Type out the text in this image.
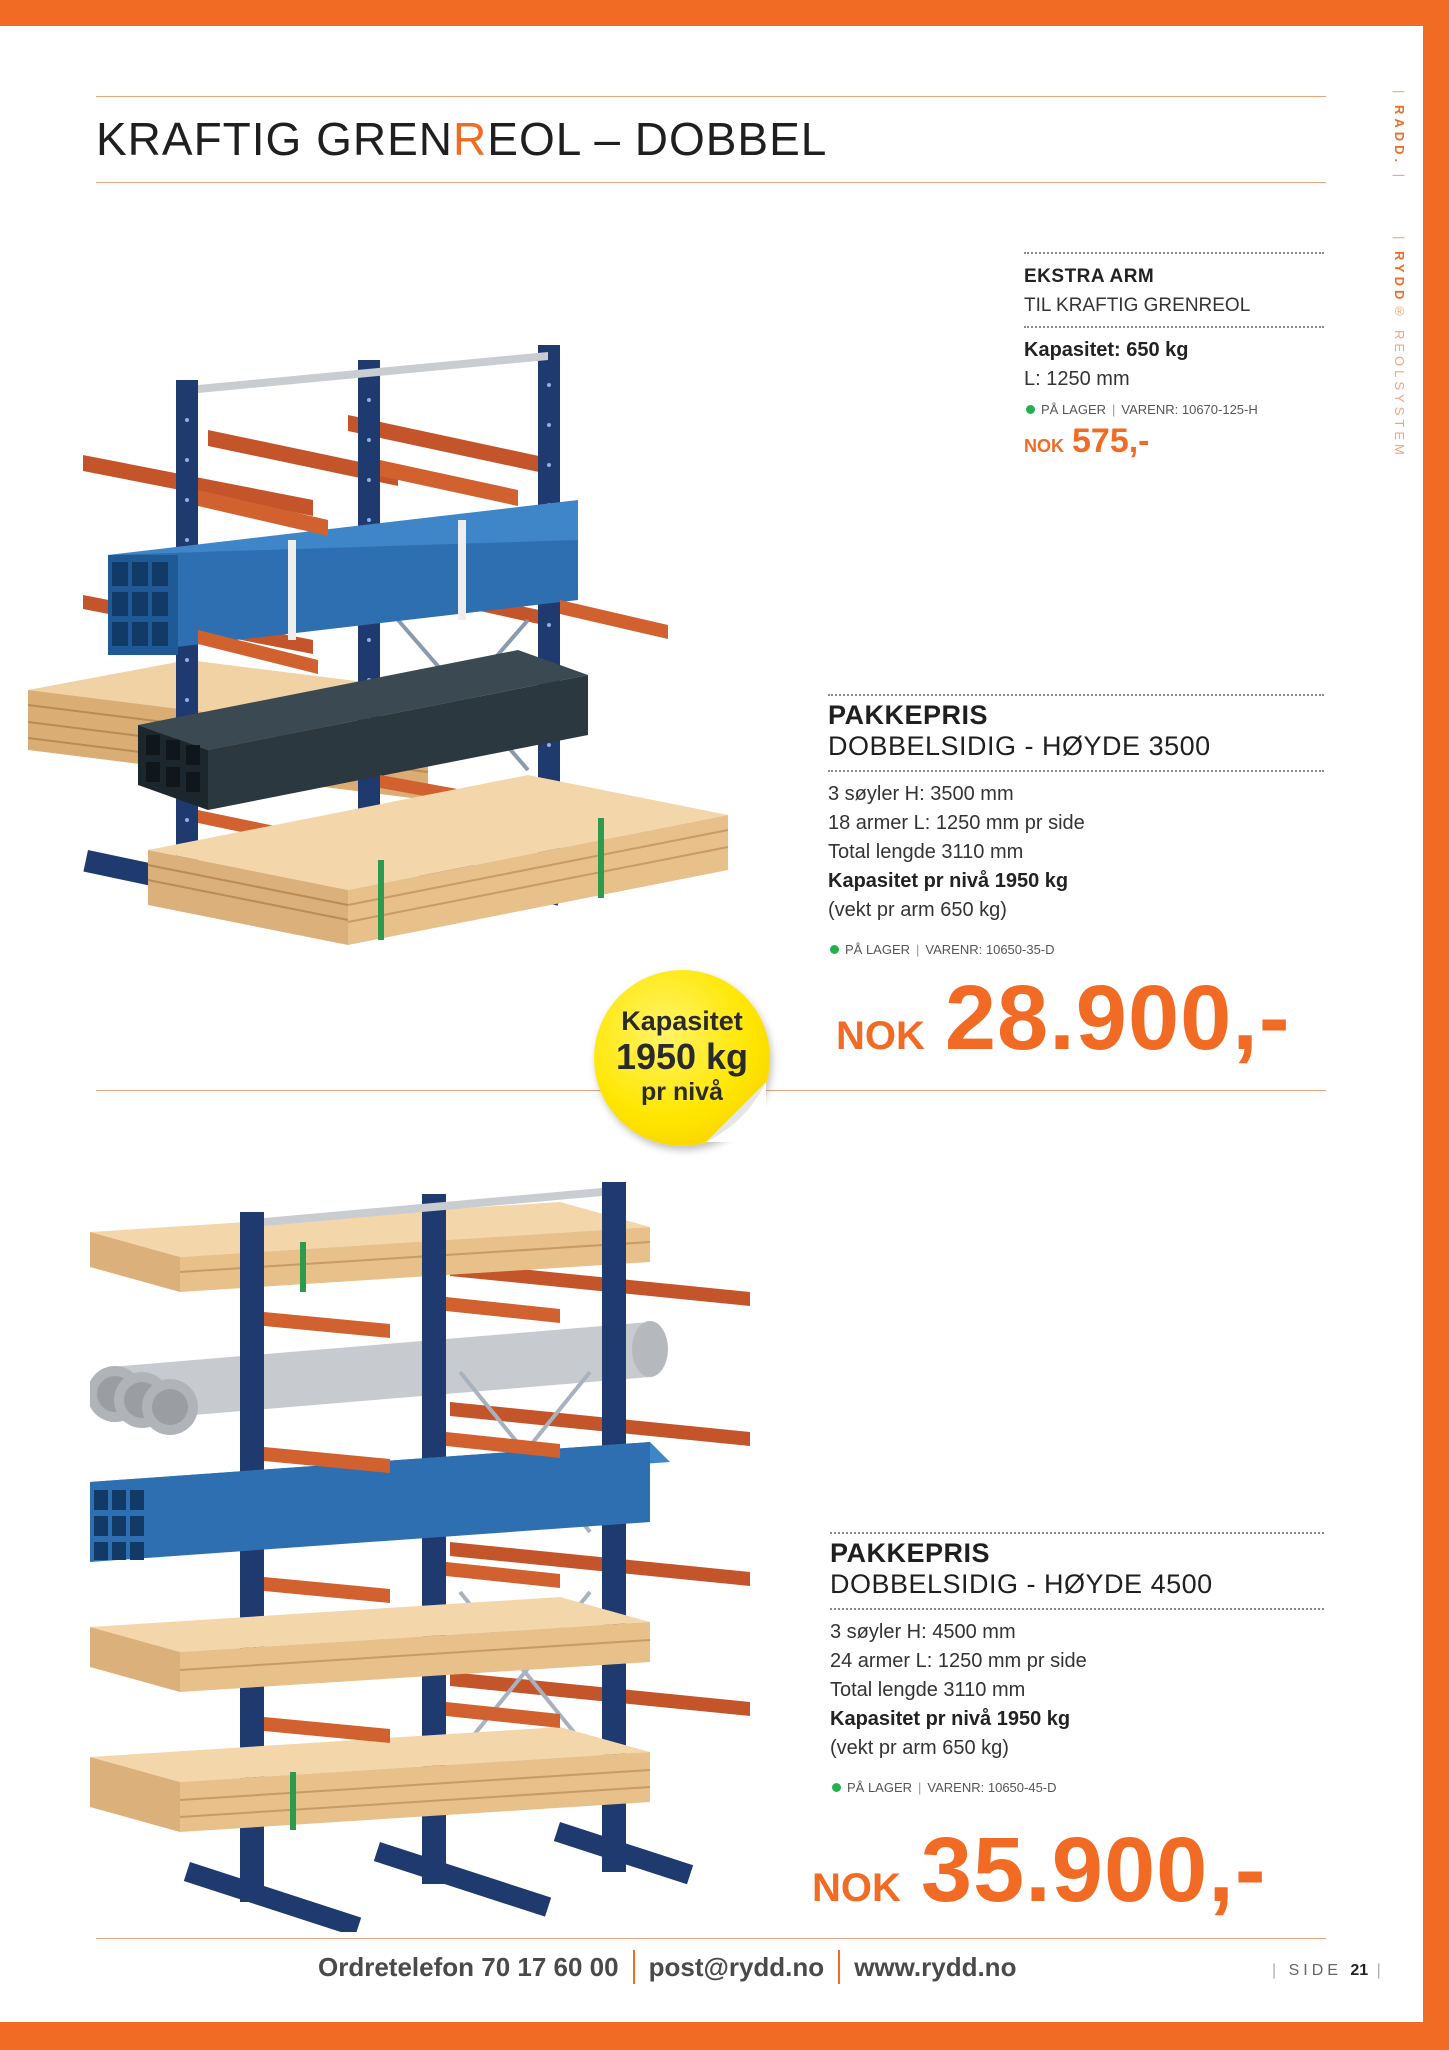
KRAFTIG GRENREOL – DOBBEL
| RADD. |
| RYDD® REOLSYSTEM
EKSTRA ARM
TIL KRAFTIG GRENREOL
Kapasitet: 650 kg
L: 1250 mm
PÅ LAGER | VARENR: 10670-125-H
NOK 575,-
PAKKEPRIS
DOBBELSIDIG - HØYDE 3500
3 søyler H: 3500 mm
18 armer L: 1250 mm pr side
Total lengde 3110 mm
Kapasitet pr nivå 1950 kg
(vekt pr arm 650 kg)
PÅ LAGER | VARENR: 10650-35-D
NOK 28.900,-
Kapasitet
1950 kg
pr nivå
PAKKEPRIS
DOBBELSIDIG - HØYDE 4500
3 søyler H: 4500 mm
24 armer L: 1250 mm pr side
Total lengde 3110 mm
Kapasitet pr nivå 1950 kg
(vekt pr arm 650 kg)
PÅ LAGER | VARENR: 10650-45-D
NOK 35.900,-
Ordretelefon 70 17 60 00 post@rydd.no www.rydd.no	| SIDE 21 |
